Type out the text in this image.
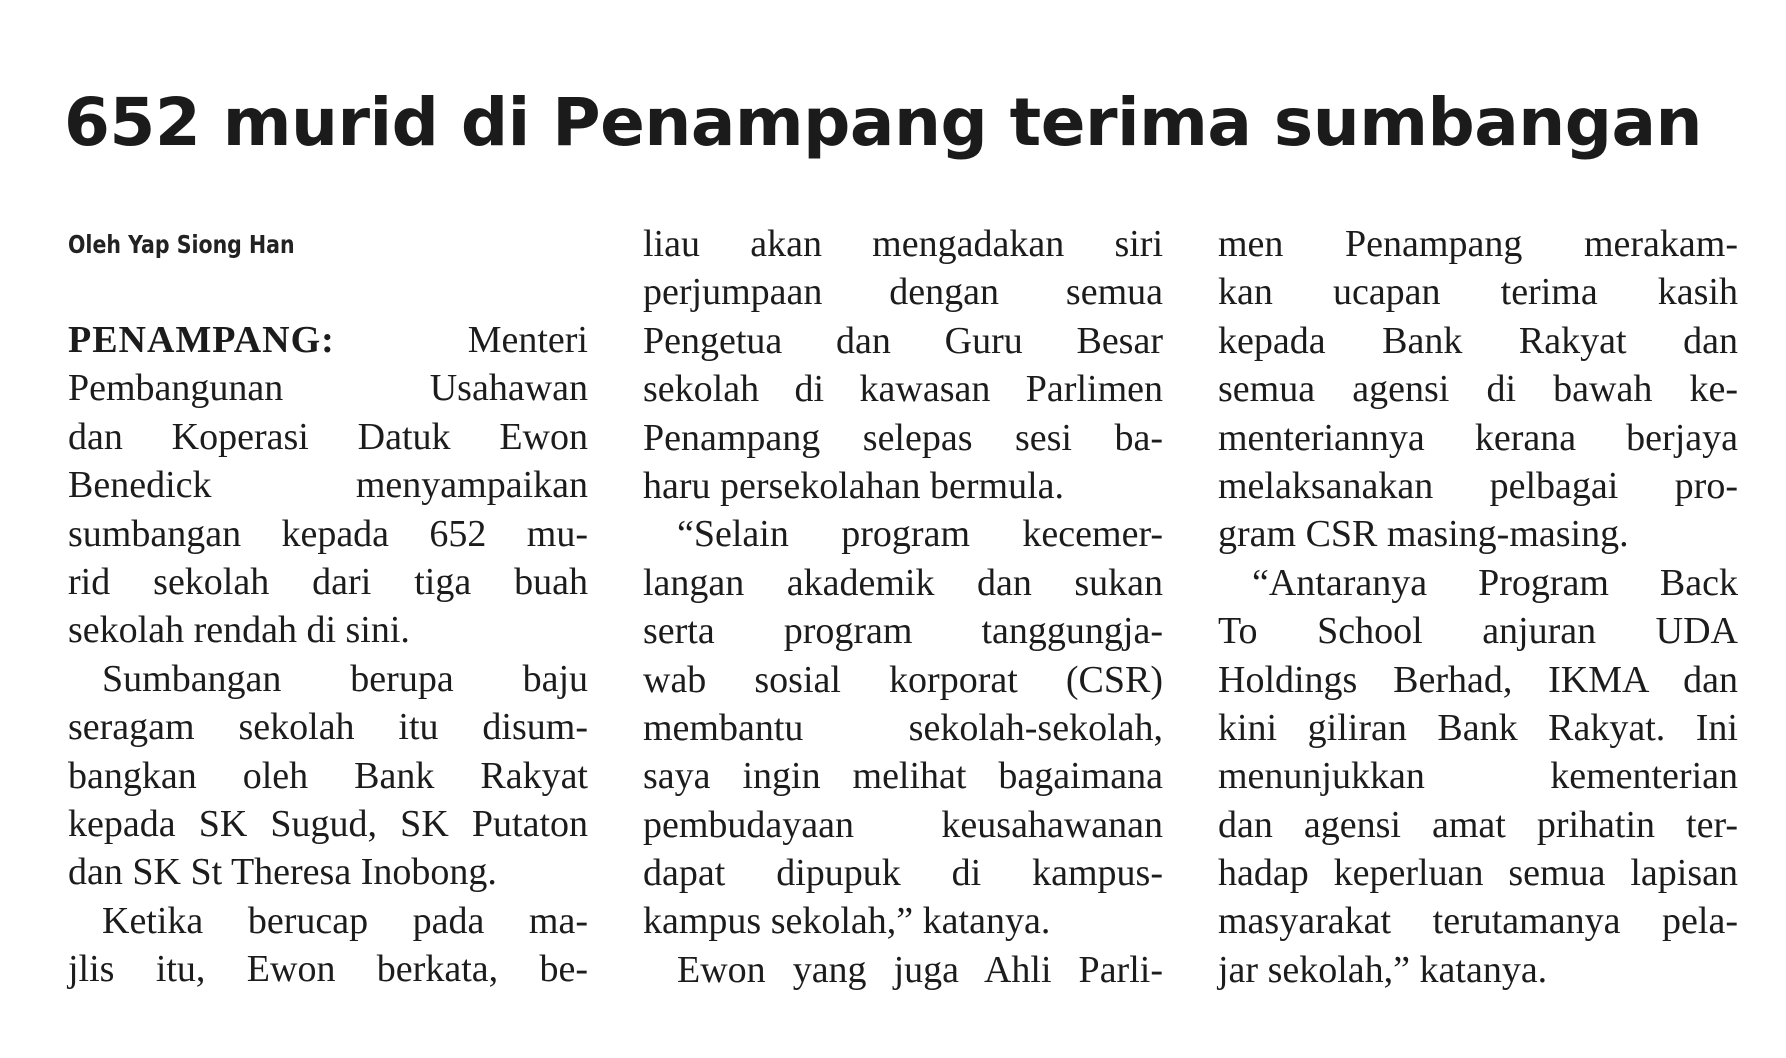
652 murid di Penampang terima sumbangan
Oleh Yap Siong Han
PENAMPANG:	Menteri
Pembangunan Usahawan
dan Koperasi Datuk Ewon
Benedick menyampaikan
sumbangan kepada 652 mu-
rid sekolah dari tiga buah
sekolah rendah di sini.
Sumbangan berupa baju
seragam sekolah itu disum-
bangkan oleh Bank Rakyat
kepada SK Sugud, SK Putaton
dan SK St Theresa Inobong.
Ketika berucap pada ma-
jlis itu, Ewon berkata, be-
liau akan mengadakan siri
perjumpaan dengan semua
Pengetua dan Guru Besar
sekolah di kawasan Parlimen
Penampang selepas sesi ba-
haru persekolahan bermula.
“Selain program kecemer-
langan akademik dan sukan
serta program tanggungja-
wab sosial korporat (CSR)
membantu sekolah-sekolah,
saya ingin melihat bagaimana
pembudayaan keusahawanan
dapat dipupuk di kampus-
kampus sekolah,” katanya.
Ewon yang juga Ahli Parli-
men Penampang merakam-
kan ucapan terima kasih
kepada Bank Rakyat dan
semua agensi di bawah ke-
menteriannya kerana berjaya
melaksanakan pelbagai pro-
gram CSR masing-masing.
“Antaranya Program Back
To School anjuran UDA
Holdings Berhad, IKMA dan
kini giliran Bank Rakyat. Ini
menunjukkan kementerian
dan agensi amat prihatin ter-
hadap keperluan semua lapisan
masyarakat terutamanya pela-
jar sekolah,” katanya.
